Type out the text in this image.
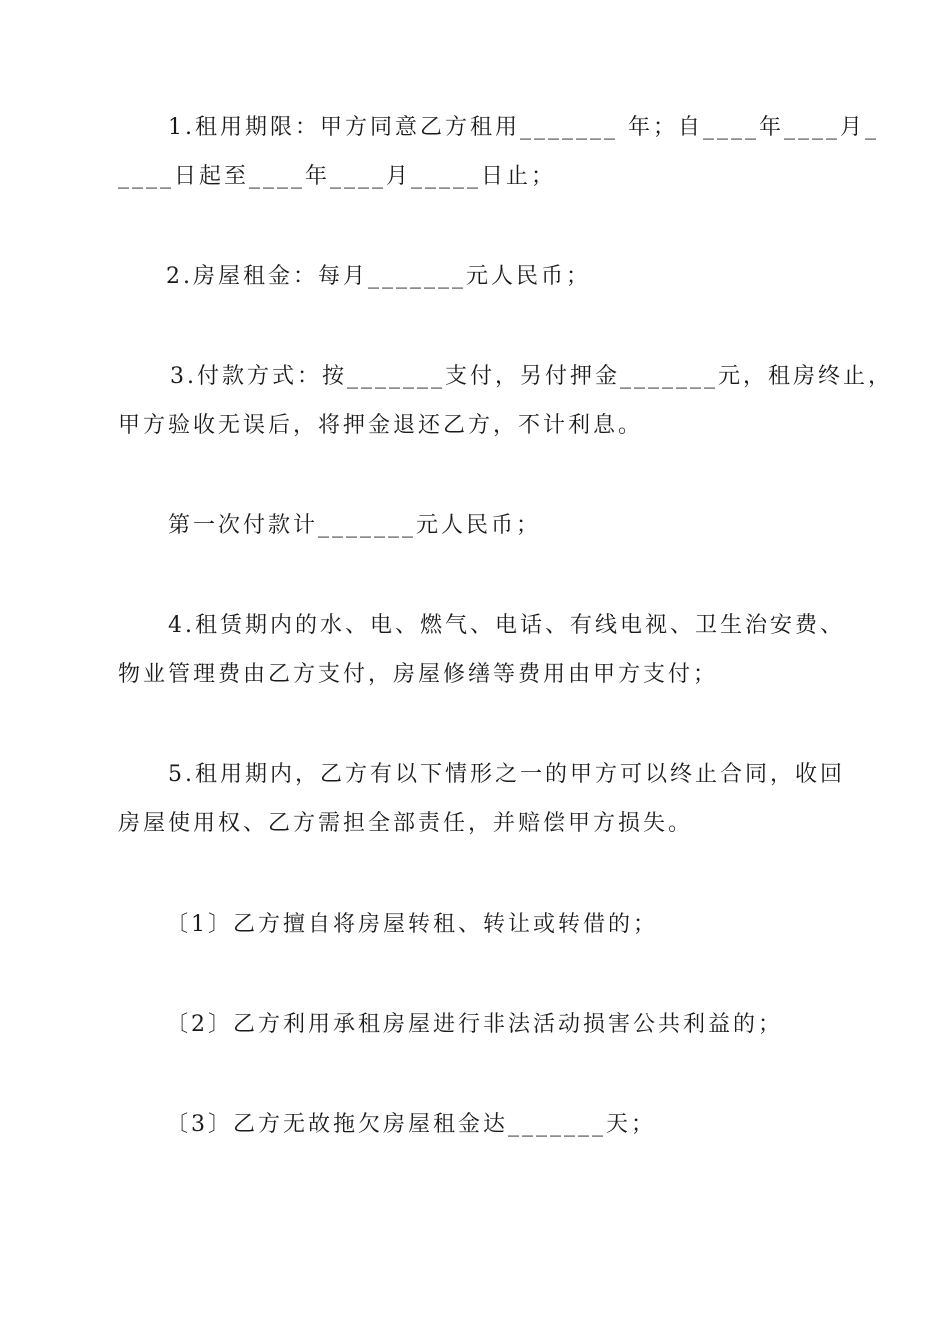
1.租用期限：甲方同意乙方租用_______ 年；自____年____月_
____日起至____年____月_____日止；
2.房屋租金：每月_______元人民币；
3.付款方式：按_______支付，另付押金_______元，租房终止，
甲方验收无误后，将押金退还乙方，不计利息。
第一次付款计_______元人民币；
4.租赁期内的水、电、燃气、电话、有线电视、卫生治安费、
物业管理费由乙方支付，房屋修缮等费用由甲方支付；
5.租用期内，乙方有以下情形之一的甲方可以终止合同，收回
房屋使用权、乙方需担全部责任，并赔偿甲方损失。
〔1〕乙方擅自将房屋转租、转让或转借的；
〔2〕乙方利用承租房屋进行非法活动损害公共利益的；
〔3〕乙方无故拖欠房屋租金达_______天；
